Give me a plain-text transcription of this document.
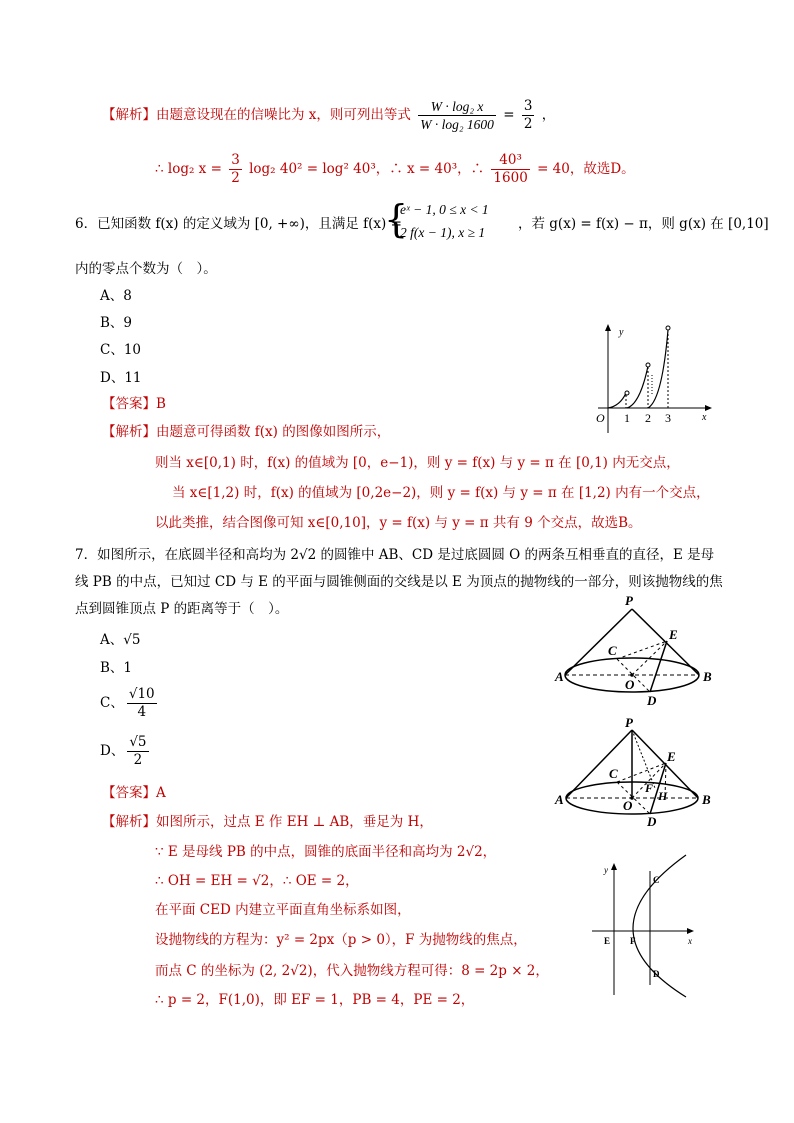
【解析】由题意设现在的信噪比为 x，则可列出等式 $\frac{\text{W · log₂ x}}{\text{W · log₂ 1600}} = \frac{3}{2}$ ，
∴ log₂ $x = \frac{3}{2} \log_2$ 40² = log² 40³，∴ x = 40³，∴ $\frac{\text{40³}}{1600} = 40$，故选D。
6．已知函数 f(x) 的定义域为 [0, +∞)，且满足 f(x) =
{
eˣ − 1, 0 ≤ x < 1
2 f(x − 1), x ≥ 1
，若 g(x) = f(x) − π，则 g(x) 在 [0,10]
内的零点个数为（　）。
A、8
B、9
C、10
D、11
【答案】B
【解析】由题意可得函数 f(x) 的图像如图所示，
则当 x∈[0,1) 时，f(x) 的值域为 [0，e−1)，则 y = f(x) 与 y = π 在 [0,1) 内无交点，
当 x∈[1,2) 时，f(x) 的值域为 [0,2e−2)，则 y = f(x) 与 y = π 在 [1,2) 内有一个交点，
以此类推，结合图像可知 x∈[0,10]，y = f(x) 与 y = π 共有 9 个交点，故选B。
y
x
O 1 2 3
7．如图所示，在底圆半径和高均为 2√2 的圆锥中 AB、CD 是过底圆圆 O 的两条互相垂直的直径，E 是母
线 PB 的中点，已知过 CD 与 E 的平面与圆锥侧面的交线是以 E 为顶点的抛物线的一部分，则该抛物线的焦
点到圆锥顶点 P 的距离等于（　）。
A、√5
B、1
C、 $\frac{√10}{4}$
D、 $\frac{√5}{2}$
【答案】A
【解析】如图所示，过点 E 作 EH ⊥ AB，垂足为 H，
∵ E 是母线 PB 的中点，圆锥的底面半径和高均为 2√2，
∴ OH = EH = √2，∴ OE = 2，
在平面 CED 内建立平面直角坐标系如图，
设抛物线的方程为：y² = 2px（p > 0），F 为抛物线的焦点，
而点 C 的坐标为 (2, 2√2)，代入抛物线方程可得：8 = 2p × 2，
∴ p = 2，F(1,0)，即 EF = 1，PB = 4，PE = 2，
P
C
E
A
O
B
D
P
C
E
A	O
F
H	B
D
y
C
E F	x
D
